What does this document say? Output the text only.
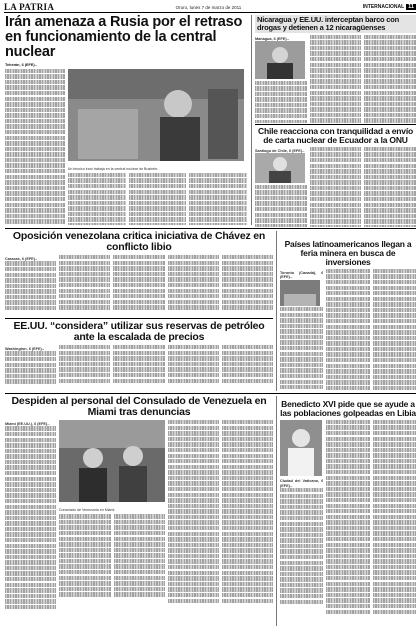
LA PATRIA	Oruro, lunes 7 de marzo de 2011	INTERNACIONAL 11
Irán amenaza a Rusia por el retraso en funcionamiento de la central nuclear
Teherán, 6 (EFE).-
Un técnico iraní trabaja en la central nuclear de Bushehr.
Nicaragua y EE.UU. interceptan barco con drogas y detienen a 12 nicaragüenses
Managua, 6 (EFE).-
Chile reacciona con tranquilidad a envío de carta nuclear de Ecuador a la ONU
Santiago de Chile, 6 (EFE).-
Oposición venezolana critica iniciativa de Chávez en conflicto libio
Caracas, 6 (EFE).-
Países latinoamericanos llegan a feria minera en busca de inversiones
Toronto (Canadá), 6 (EFE).-
EE.UU. “considera” utilizar sus reservas de petróleo ante la escalada de precios
Washington, 6 (EFE).-
Despiden al personal del Consulado de Venezuela en Miami tras denuncias
Miami (EE.UU.), 6 (EFE).-
Consulado de Venezuela en Miami.
Benedicto XVI pide que se ayude a las poblaciones golpeadas en Libia
Ciudad del Vaticano, 6 (EFE).-
